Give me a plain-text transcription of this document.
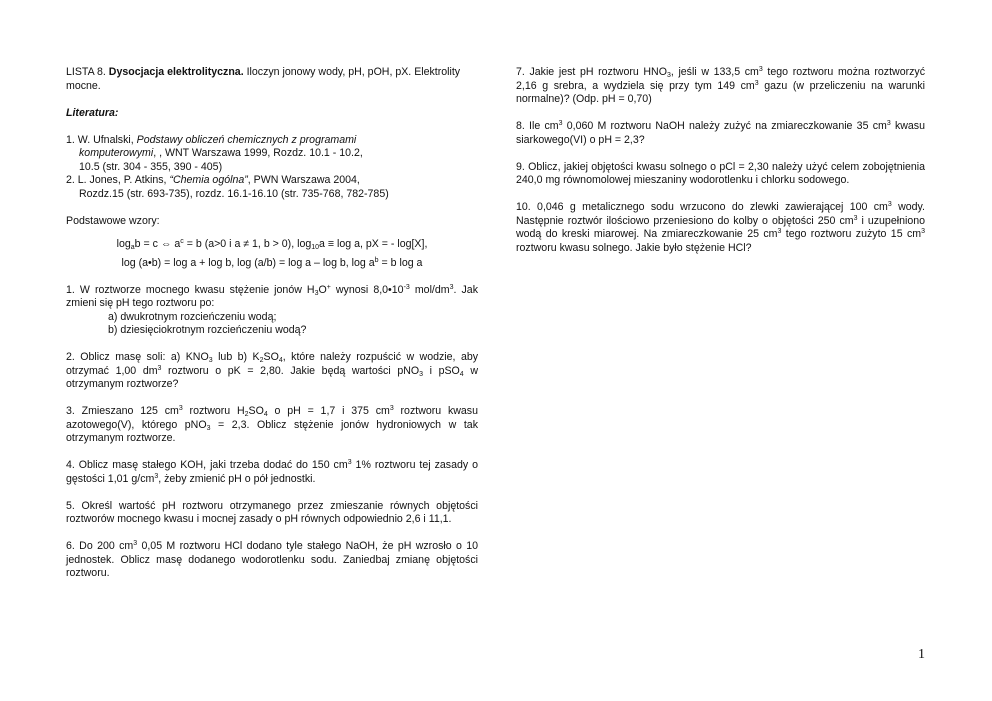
LISTA 8. Dysocjacja elektrolityczna. Iloczyn jonowy wody, pH, pOH, pX. Elektrolity mocne.

Literatura:

1. W. Ufnalski, Podstawy obliczeń chemicznych z programami
komputerowymi, , WNT Warszawa 1999, Rozdz. 10.1 - 10.2,
10.5 (str. 304 - 355, 390 - 405)
2. L. Jones, P. Atkins, “Chemia ogólna”, PWN Warszawa 2004,
Rozdz.15 (str. 693-735), rozdz. 16.1-16.10 (str. 735-768, 782-785)

Podstawowe wzory:

$\log_ab = c$ ⇔ $a^c = b$ (a>0 i a ≠ 1, b > 0), $\log_{10}a \equiv \log a$, pX = - log[X],
log (a•b) = log a + log b, log (a/b) = log a – log b, $\log a^b = b$ log a
1. W roztworze mocnego kwasu stężenie jonów $H_3O^+$ wynosi $8,0•10^{-3}$ mol/$dm^3$. Jak zmieni się pH tego roztworu po:
a) dwukrotnym rozcieńczeniu wodą;
b) dziesięciokrotnym rozcieńczeniu wodą?

2. Oblicz masę soli: a) $KNO_3$ lub b) $K_2SO_4$, które należy rozpuścić w wodzie, aby otrzymać 1,00 $dm^3$ roztworu o pK = 2,80. Jakie będą wartości pNO$_3$ i pSO$_4$ w otrzymanym roztworze?

3. Zmieszano 125 $cm^3$ roztworu $H_2SO_4$ o pH = 1,7 i 375 $cm^3$ roztworu kwasu azotowego(V), którego pNO$_3$ = 2,3. Oblicz stężenie jonów hydroniowych w tak otrzymanym roztworze.

4. Oblicz masę stałego KOH, jaki trzeba dodać do 150 $cm^3$ 1% roztworu tej zasady o gęstości 1,01 $g/cm^3$, żeby zmienić pH o pół jednostki.

5. Określ wartość pH roztworu otrzymanego przez zmieszanie równych objętości roztworów mocnego kwasu i mocnej zasady o pH równych odpowiednio 2,6 i 11,1.

6. Do 200 $cm^3$ 0,05 M roztworu HCl dodano tyle stałego NaOH, że pH wzrosło o 10 jednostek. Oblicz masę dodanego wodorotlenku sodu. Zaniedbaj zmianę objętości roztworu.

7. Jakie jest pH roztworu $HNO_3$, jeśli w 133,5 $cm^3$ tego roztworu można roztworzyć 2,16 g srebra, a wydziela się przy tym 149 $cm^3$ gazu (w przeliczeniu na warunki normalne)? (Odp. pH = 0,70)

8. Ile $cm^3$ 0,060 M roztworu NaOH należy zużyć na zmiareczkowanie 35 $cm^3$ kwasu siarkowego(VI) o pH = 2,3?

9. Oblicz, jakiej objętości kwasu solnego o pCl = 2,30 należy użyć celem zobojętnienia 240,0 mg równomolowej mieszaniny wodorotlenku i chlorku sodowego.

10. 0,046 g metalicznego sodu wrzucono do zlewki zawierającej 100 $cm^3$ wody. Następnie roztwór ilościowo przeniesiono do kolby o objętości 250 $cm^3$ i uzupełniono wodą do kreski miarowej. Na zmiareczkowanie 25 $cm^3$ tego roztworu zużyto 15 $cm^3$ roztworu kwasu solnego. Jakie było stężenie HCl?

1
